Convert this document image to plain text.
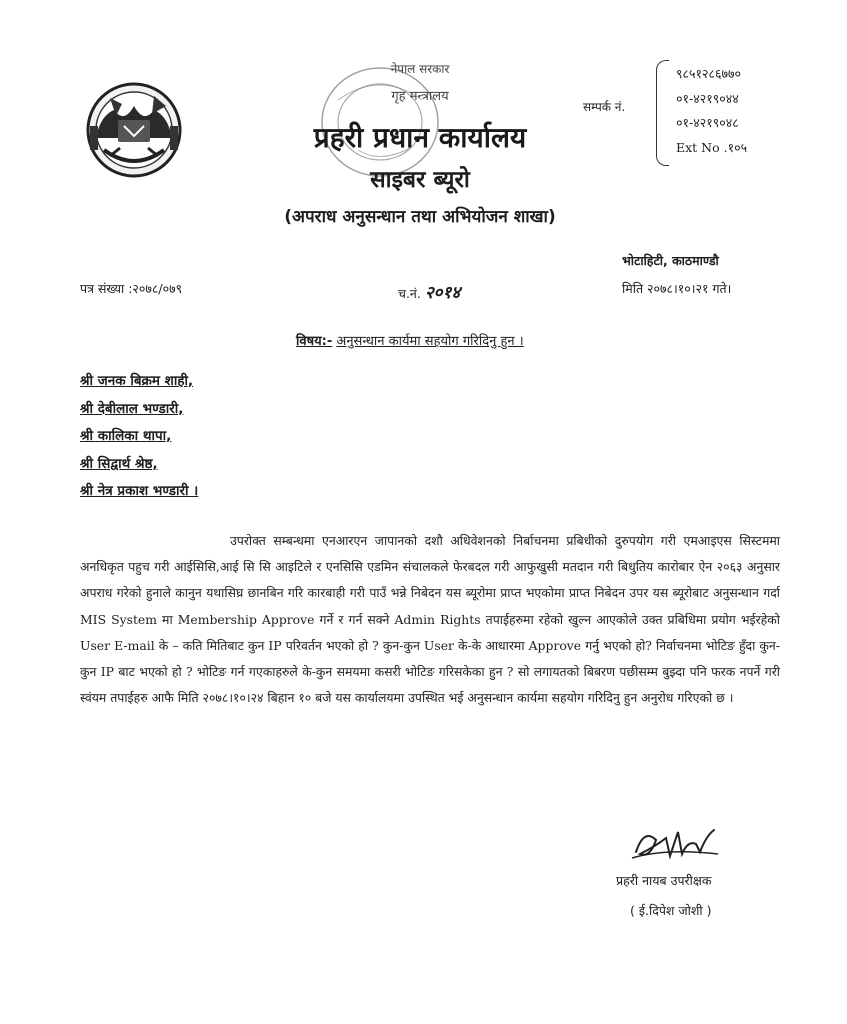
नेपाल सरकार
गृह मन्त्रालय
प्रहरी प्रधान कार्यालय
साइबर ब्यूरो
(अपराध अनुसन्धान तथा अभियोजन शाखा)
सम्पर्क नं.
९८५१२८६७७०
०१-४२१९०४४
०१-४२१९०४८
Ext No .१०५
भोटाहिटी, काठमाण्डौ
पत्र संख्या :२०७८/०७९	च.नं. २०१४	मिति २०७८।१०।२१ गते।
विषय:- अनुसन्धान कार्यमा सहयोग गरिदिनु हुन ।
श्री जनक बिक्रम शाही,
श्री देबीलाल भण्डारी,
श्री कालिका थापा,
श्री सिद्वार्थ श्रेष्ठ,
श्री नेत्र प्रकाश भण्डारी ।
उपरोक्त सम्बन्धमा एनआरएन जापानको दशौ अधिवेशनको निर्बाचनमा प्रबिधीको दुरुपयोग गरी एमआइएस सिस्टममा अनधिकृत पहुच गरी आईसिसि,आई सि सि आइटिले र एनसिसि एडमिन संचालकले फेरबदल गरी आफुखुसी मतदान गरी बिधुतिय कारोबार ऐन २०६३ अनुसार अपराध गरेको हुनाले कानुन यथासिघ्र छानबिन गरि कारबाही गरी पाउँ भन्ने निबेदन यस ब्यूरोमा प्राप्त भएकोमा प्राप्त निबेदन उपर यस ब्यूरोबाट अनुसन्धान गर्दा MIS System मा Membership Approve गर्ने र गर्न सक्ने Admin Rights तपाईहरुमा रहेको खुल्न आएकोले उक्त प्रबिधिमा प्रयोग भईरहेको User E-mail के – कति मितिबाट कुन IP परिवर्तन भएको हो ? कुन-कुन User के-के आधारमा Approve गर्नु भएको हो? निर्वाचनमा भोटिङ हुँदा कुन-कुन IP बाट भएको हो ? भोटिङ गर्न गएकाहरुले के-कुन समयमा कसरी भोटिङ गरिसकेका हुन ? सो लगायतको बिबरण पछीसम्म बुझ्दा पनि फरक नपर्ने गरी स्वंयम तपाईहरु आफै मिति २०७८।१०।२४ बिहान १० बजे यस कार्यालयमा उपस्थित भई अनुसन्धान कार्यमा सहयोग गरिदिनु हुन अनुरोध गरिएको छ ।
प्रहरी नायब उपरीक्षक
( ई.दिपेश जोशी )
